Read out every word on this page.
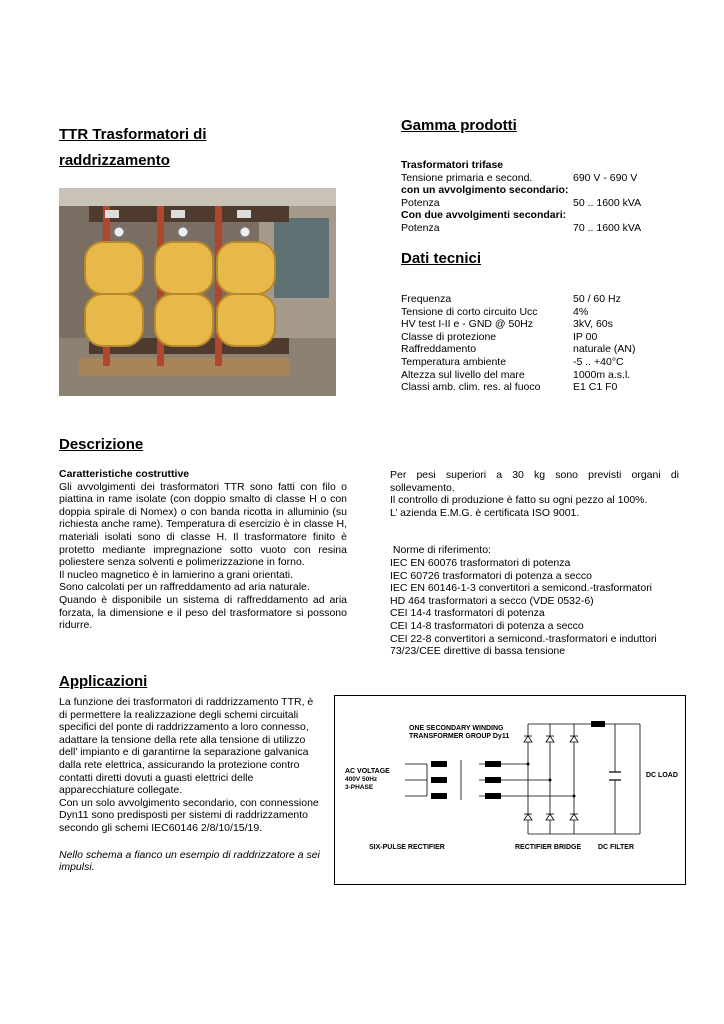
TTR Trasformatori di raddrizzamento
Gamma prodotti
Trasformatori trifase
Tensione primaria e second.	690 V - 690 V
con un avvolgimento secondario:
Potenza	50 .. 1600 kVA
Con due avvolgimenti secondari:
Potenza	70 .. 1600 kVA
Dati tecnici
Frequenza	50 / 60 Hz
Tensione di corto circuito Ucc	4%
HV test I-II e - GND @ 50Hz	3kV, 60s
Classe di protezione	IP 00
Raffreddamento	naturale (AN)
Temperatura ambiente	-5 .. +40°C
Altezza sul livello del mare	1000m a.s.l.
Classi amb. clim. res. al fuoco	E1 C1 F0
Descrizione
Caratteristiche costruttive
Gli avvolgimenti dei trasformatori TTR sono fatti con filo o piattina in rame isolate (con doppio smalto di classe H o con doppia spirale di Nomex) o con banda ricotta in alluminio (su richiesta anche rame). Temperatura di esercizio è in classe H, materiali isolati sono di classe H. Il trasformatore finito è protetto mediante impregnazione sotto vuoto con resina poliestere senza solventi e polimerizzazione in forno.
Il nucleo magnetico è in lamierino a grani orientati.
Sono calcolati per un raffreddamento ad aria naturale.
Quando è disponibile un sistema di raffreddamento ad aria forzata, la dimensione e il peso del trasformatore si possono ridurre.
Per pesi superiori a 30 kg sono previsti organi di sollevamento.
Il controllo di produzione è fatto su ogni pezzo al 100%.
L’ azienda E.M.G. è certificata ISO 9001.
Norme di riferimento:
IEC EN 60076 trasformatori di potenza
IEC 60726 trasformatori di potenza a secco
IEC EN 60146-1-3 convertitori a semicond.-trasformatori
HD 464 trasformatori a secco (VDE 0532-6)
CEI 14-4 trasformatori di potenza
CEI 14-8 trasformatori di potenza a secco
CEI 22-8 convertitori a semicond.-trasformatori e induttori
73/23/CEE direttive di bassa tensione
Applicazioni
La funzione dei trasformatori di raddrizzamento TTR, è di permettere la realizzazione degli schemi circuitali specifici del ponte di raddrizzamento a loro connesso, adattare la tensione della rete alla tensione di utilizzo dell’ impianto e di garantirne la separazione galvanica dalla rete elettrica, assicurando la protezione contro contatti diretti dovuti a guasti elettrici delle apparecchiature collegate.
Con un solo avvolgimento secondario, con connessione Dyn11 sono predisposti per sistemi di raddrizzamento secondo gli schemi IEC60146 2/8/10/15/19.
Nello schema a fianco un esempio di raddrizzatore a sei impulsi.
ONE SECONDARY WINDING
TRANSFORMER GROUP Dy11
AC VOLTAGE
400V 50Hz
3-PHASE
DC LOAD
SIX-PULSE RECTIFIER	RECTIFIER BRIDGE DC FILTER
